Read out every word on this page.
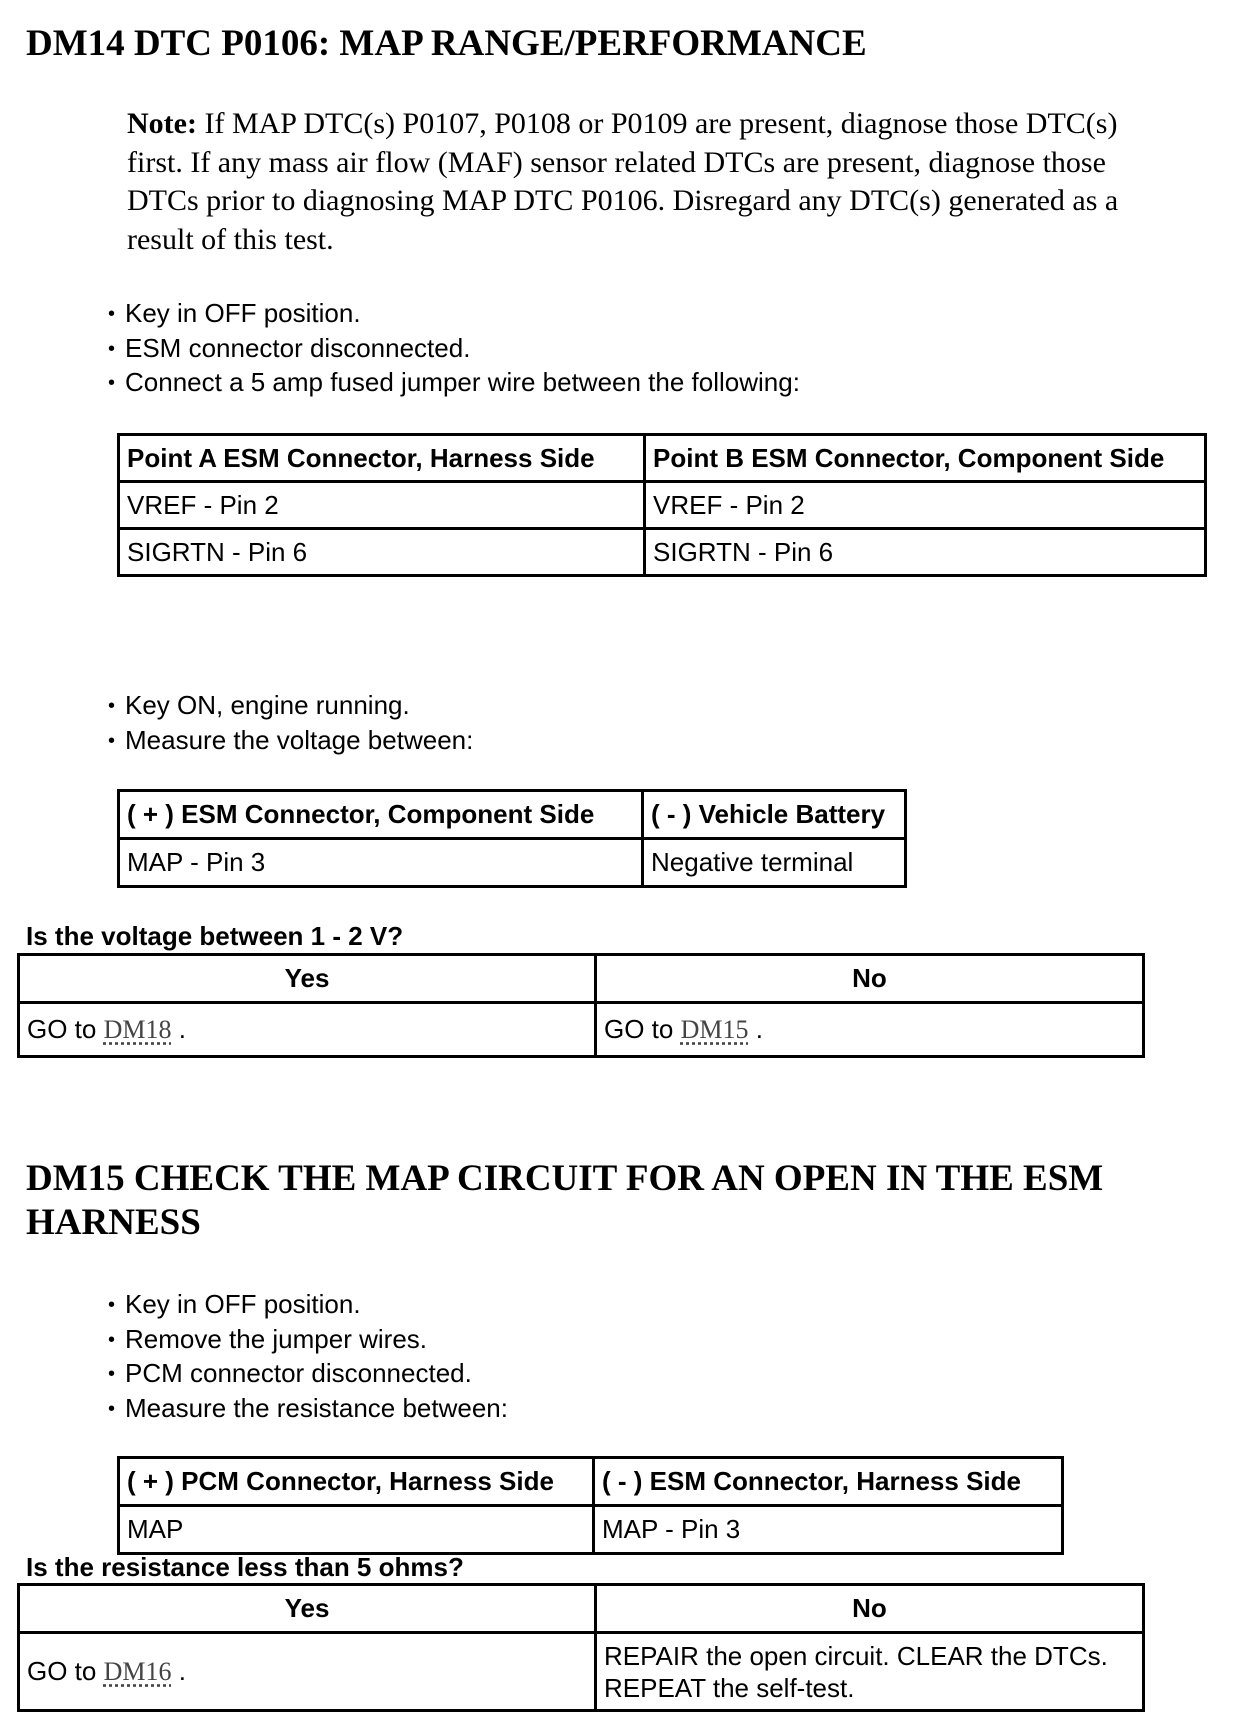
DM14 DTC P0106: MAP RANGE/PERFORMANCE

Note: If MAP DTC(s) P0107, P0108 or P0109 are present, diagnose those DTC(s) first. If any mass air flow (MAF) sensor related DTCs are present, diagnose those DTCs prior to diagnosing MAP DTC P0106. Disregard any DTC(s) generated as a result of this test.

• Key in OFF position.
• ESM connector disconnected.
• Connect a 5 amp fused jumper wire between the following:
Point A ESM Connector, Harness Side	Point B ESM Connector, Component Side
VREF - Pin 2	VREF - Pin 2
SIGRTN - Pin 6	SIGRTN - Pin 6
• Key ON, engine running.
• Measure the voltage between:
( + ) ESM Connector, Component Side	( - ) Vehicle Battery
MAP - Pin 3	Negative terminal

Is the voltage between 1 - 2 V?

Yes	No
GO to DM18 .	GO to DM15 .
DM15 CHECK THE MAP CIRCUIT FOR AN OPEN IN THE ESM
HARNESS
• Key in OFF position.
• Remove the jumper wires.
• PCM connector disconnected.
• Measure the resistance between:
( + ) PCM Connector, Harness Side	( - ) ESM Connector, Harness Side
MAP	MAP - Pin 3

Is the resistance less than 5 ohms?

Yes	No
GO to DM16 .	REPAIR the open circuit. CLEAR the DTCs.
REPEAT the self-test.
